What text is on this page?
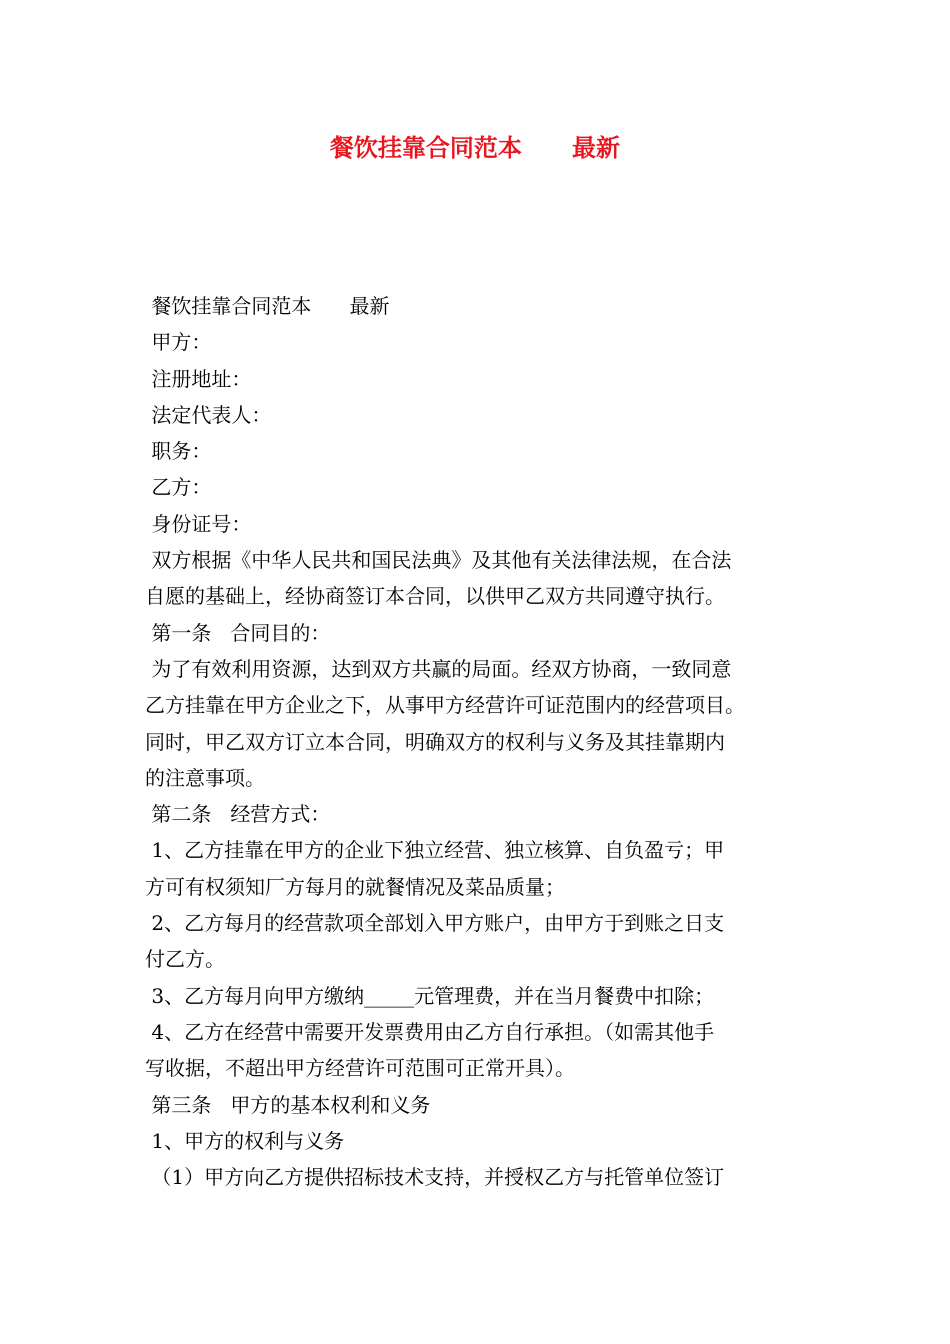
餐饮挂靠合同范本      最新
餐饮挂靠合同范本      最新
甲方：
注册地址：
法定代表人：
职务：
乙方：
身份证号：
双方根据《中华人民共和国民法典》及其他有关法律法规，在合法
自愿的基础上，经协商签订本合同，以供甲乙双方共同遵守执行。
第一条   合同目的：
为了有效利用资源，达到双方共赢的局面。经双方协商，一致同意
乙方挂靠在甲方企业之下，从事甲方经营许可证范围内的经营项目。
同时，甲乙双方订立本合同，明确双方的权利与义务及其挂靠期内
的注意事项。
第二条   经营方式：
1、乙方挂靠在甲方的企业下独立经营、独立核算、自负盈亏；甲
方可有权须知厂方每月的就餐情况及菜品质量；
2、乙方每月的经营款项全部划入甲方账户，由甲方于到账之日支
付乙方。
3、乙方每月向甲方缴纳_____元管理费，并在当月餐费中扣除；
4、乙方在经营中需要开发票费用由乙方自行承担。（如需其他手
写收据，不超出甲方经营许可范围可正常开具）。
第三条   甲方的基本权利和义务
1、甲方的权利与义务
（1）甲方向乙方提供招标技术支持，并授权乙方与托管单位签订
